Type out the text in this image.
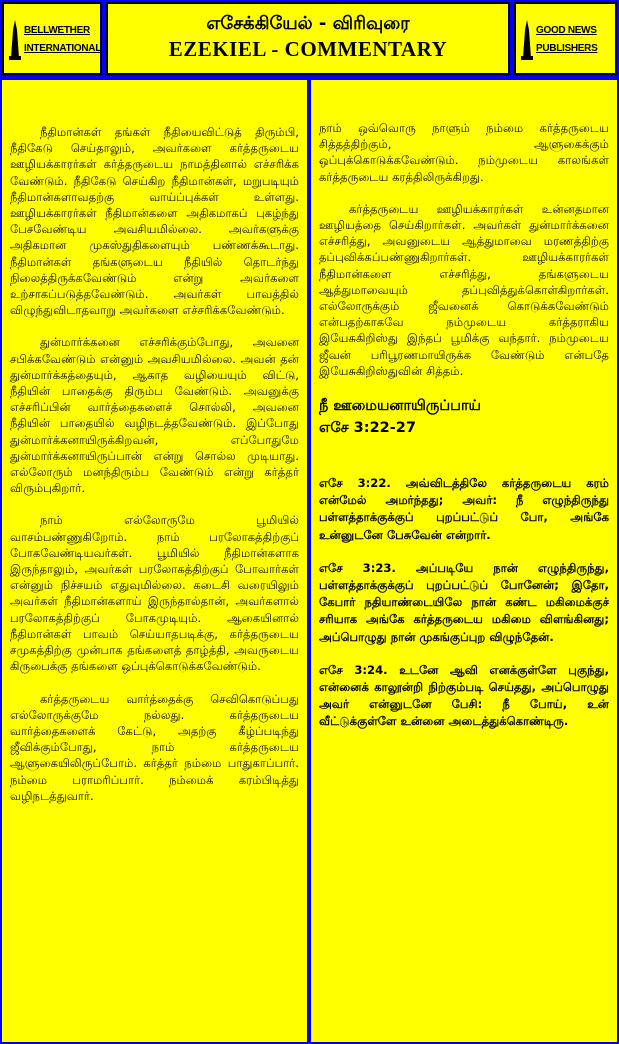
BELLWETHER
INTERNATIONAL
எசேக்கியேல் - விரிவுரை
EZEKIEL - COMMENTARY
GOOD NEWS
PUBLISHERS

நீதிமான்கள் தங்கள் நீதியைவிட்டுத் திரும்பி, நீதிகேடு செய்தாலும், அவர்களை கர்த்தருடைய ஊழியக்காரர்கள் கர்த்தருடைய நாமத்தினால் எச்சரிக்க வேண்டும். நீதிகேடு செய்கிற நீதிமான்கள், மறுபடியும் நீதிமான்களாவதற்கு வாய்ப்புக்கள் உள்ளது. ஊழியக்காரர்கள் நீதிமான்களை அதிகமாகப் புகழ்ந்து பேசவேண்டிய அவசியமில்லை. அவர்களுக்கு அதிகமான முகஸ்துதிகளையும் பண்ணக்கூடாது. நீதிமான்கள் தங்களுடைய நீதியில் தொடர்ந்து நிலைத்திருக்கவேண்டும் என்று அவர்களை உற்சாகப்படுத்தவேண்டும். அவர்கள் பாவத்தில் விழுந்துவிடாதவாறு அவர்களை எச்சரிக்கவேண்டும்.

துன்மார்க்கனை எச்சரிக்கும்போது, அவனை சபிக்கவேண்டும் என்னும் அவசியமில்லை. அவன் தன் துன்மார்க்கத்தையும், ஆகாத வழியையும் விட்டு, நீதியின் பாதைக்கு திரும்ப வேண்டும். அவனுக்கு எச்சரிப்பின் வார்த்தைகளைச் சொல்லி, அவனை நீதியின் பாதையில் வழிநடத்தவேண்டும். இப்போது துன்மார்க்கனாயிருக்கிறவன், எப்போதுமே துன்மார்க்கனாயிருப்பான் என்று சொல்ல முடியாது. எல்லோரும் மனந்திரும்ப வேண்டும் என்று கர்த்தர் விரும்புகிறார்.

நாம் எல்லோருமே பூமியில் வாசம்பண்ணுகிறோம். நாம் பரலோகத்திற்குப் போகவேண்டியவர்கள். பூமியில் நீதிமான்களாக இருந்தாலும், அவர்கள் பரலோகத்திற்குப் போவார்கள் என்னும் நிச்சயம் எதுவுமில்லை. கடைசி வரையிலும் அவர்கள் நீதிமான்களாய் இருந்தால்தான், அவர்களால் பரலோகத்திற்குப் போகமுடியும். ஆகையினால் நீதிமான்கள் பாவம் செய்யாதபடிக்கு, கர்த்தருடைய சமுகத்திற்கு முன்பாக தங்களைத் தாழ்த்தி, அவருடைய கிருபைக்கு தங்களை ஒப்புக்கொடுக்கவேண்டும்.

கர்த்தருடைய வார்த்தைக்கு செவிகொடுப்பது எல்லோருக்குமே நல்லது. கர்த்தருடைய வார்த்தைகளைக் கேட்டு, அதற்கு கீழ்ப்படிந்து ஜீவிக்கும்போது, நாம் கர்த்தருடைய ஆளுகையிலிருப்போம். கர்த்தர் நம்மை பாதுகாப்பார். நம்மை பராமரிப்பார். நம்மைக் கரம்பிடித்து வழிநடத்துவார்.

நாம் ஒவ்வொரு நாளும் நம்மை கர்த்தருடைய சித்தத்திற்கும், ஆளுகைக்கும் ஒப்புக்கொடுக்கவேண்டும். நம்முடைய காலங்கள் கர்த்தருடைய கரத்திலிருக்கிறது.

கர்த்தருடைய ஊழியக்காரர்கள் உன்னதமான ஊழியத்தை செய்கிறார்கள். அவர்கள் துன்மார்க்கனை எச்சரித்து, அவனுடைய ஆத்துமாவை மரணத்திற்கு தப்புவிக்கப்பண்ணுகிறார்கள். ஊழியக்காரர்கள் நீதிமான்களை எச்சரித்து, தங்களுடைய ஆத்துமாவையும் தப்புவித்துக்கொள்கிறார்கள். எல்லோருக்கும் ஜீவனைக் கொடுக்கவேண்டும் என்பதற்காகவே நம்முடைய கர்த்தராகிய இயேசுகிறிஸ்து இந்தப் பூமிக்கு வந்தார். நம்முடைய ஜீவன் பரிபூரணமாயிருக்க வேண்டும் என்பதே இயேசுகிறிஸ்துவின் சித்தம்.

நீ ஊமையனாயிருப்பாய்
எசே 3:22-27

எசே 3:22. அவ்விடத்திலே கர்த்தருடைய கரம் என்மேல் அமர்ந்தது; அவர்: நீ எழுந்திருந்து பள்ளத்தாக்குக்குப் புறப்பட்டுப் போ, அங்கே உன்னுடனே பேசுவேன் என்றார்.

எசே 3:23. அப்படியே நான் எழுந்திருந்து, பள்ளத்தாக்குக்குப் புறப்பட்டுப் போனேன்; இதோ, கேபார் நதியாண்டையிலே நான் கண்ட மகிமைக்குச் சரியாக அங்கே கர்த்தருடைய மகிமை விளங்கினது; அப்பொழுது நான் முகங்குப்புற விழுந்தேன்.

எசே 3:24. உடனே ஆவி எனக்குள்ளே புகுந்து, என்னைக் காலூன்றி நிற்கும்படி செய்தது, அப்பொழுது அவர் என்னுடனே பேசி: நீ போய், உன் வீட்டுக்குள்ளே உன்னை அடைத்துக்கொண்டிரு.
